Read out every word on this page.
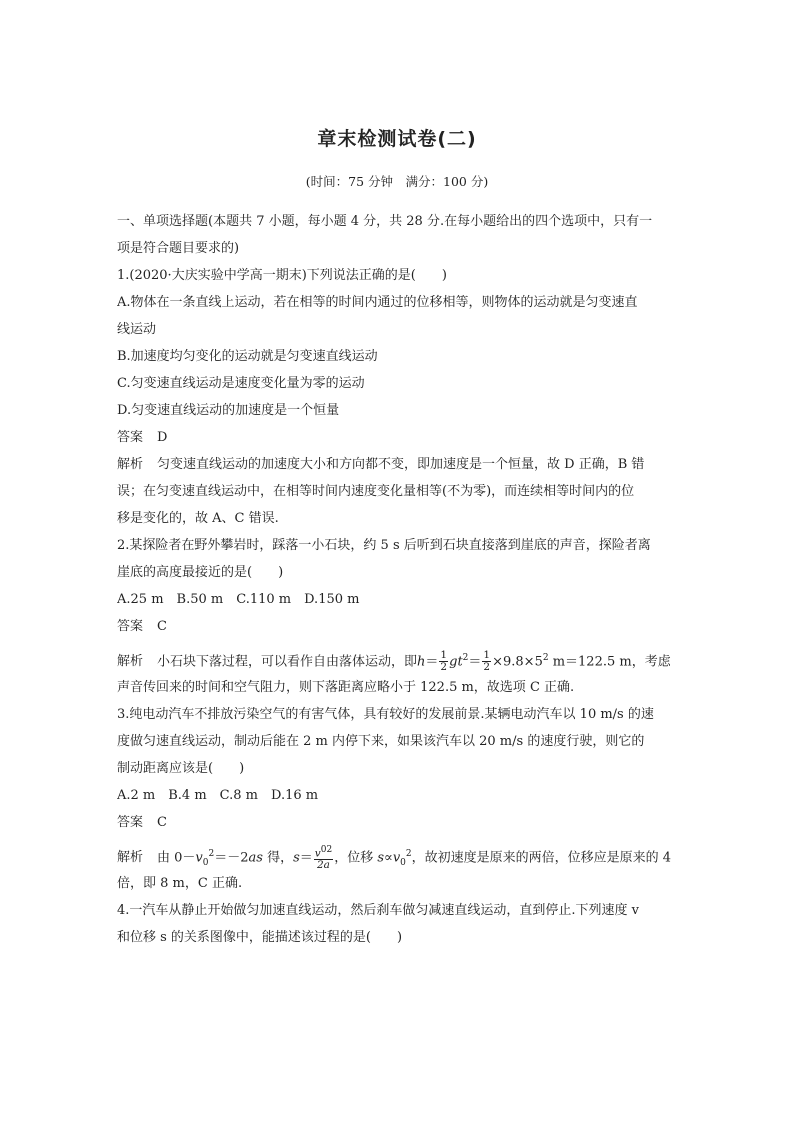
章末检测试卷(二)
(时间：75 分钟　满分：100 分)
一、单项选择题(本题共 7 小题，每小题 4 分，共 28 分.在每小题给出的四个选项中，只有一
项是符合题目要求的)
1.(2020·大庆实验中学高一期末)下列说法正确的是(　　)
A.物体在一条直线上运动，若在相等的时间内通过的位移相等，则物体的运动就是匀变速直
线运动
B.加速度均匀变化的运动就是匀变速直线运动
C.匀变速直线运动是速度变化量为零的运动
D.匀变速直线运动的加速度是一个恒量
答案 D
解析 匀变速直线运动的加速度大小和方向都不变，即加速度是一个恒量，故 D 正确，B 错
误；在匀变速直线运动中，在相等时间内速度变化量相等(不为零)，而连续相等时间内的位
移是变化的，故 A、C 错误.
2.某探险者在野外攀岩时，踩落一小石块，约 5 s 后听到石块直接落到崖底的声音，探险者离
崖底的高度最接近的是(　　)
A.25 m　B.50 m　C.110 m　D.150 m
答案 C
解析 小石块下落过程，可以看作自由落体运动，即$h= \frac{1}{2} gt^2= \frac{1}{2} \times 9.8\times 5^2$ m＝122.5 m，考虑
声音传回来的时间和空气阻力，则下落距离应略小于 122.5 m，故选项 C 正确.
3.纯电动汽车不排放污染空气的有害气体，具有较好的发展前景.某辆电动汽车以 10 m/s 的速
度做匀速直线运动，制动后能在 2 m 内停下来，如果该汽车以 20 m/s 的速度行驶，则它的
制动距离应该是(　　)
A.2 m　B.4 m　C.8 m　D.16 m
答案 C
解析 由 $0-v_0^2=-2as$ 得，$s= \frac{v^{02}}{2a}$ ，位移 $s\propto v_0^2$，故初速度是原来的两倍，位移应是原来的 4
倍，即 8 m，C 正确.
4.一汽车从静止开始做匀加速直线运动，然后刹车做匀减速直线运动，直到停止.下列速度 v
和位移 s 的关系图像中，能描述该过程的是(　　)
